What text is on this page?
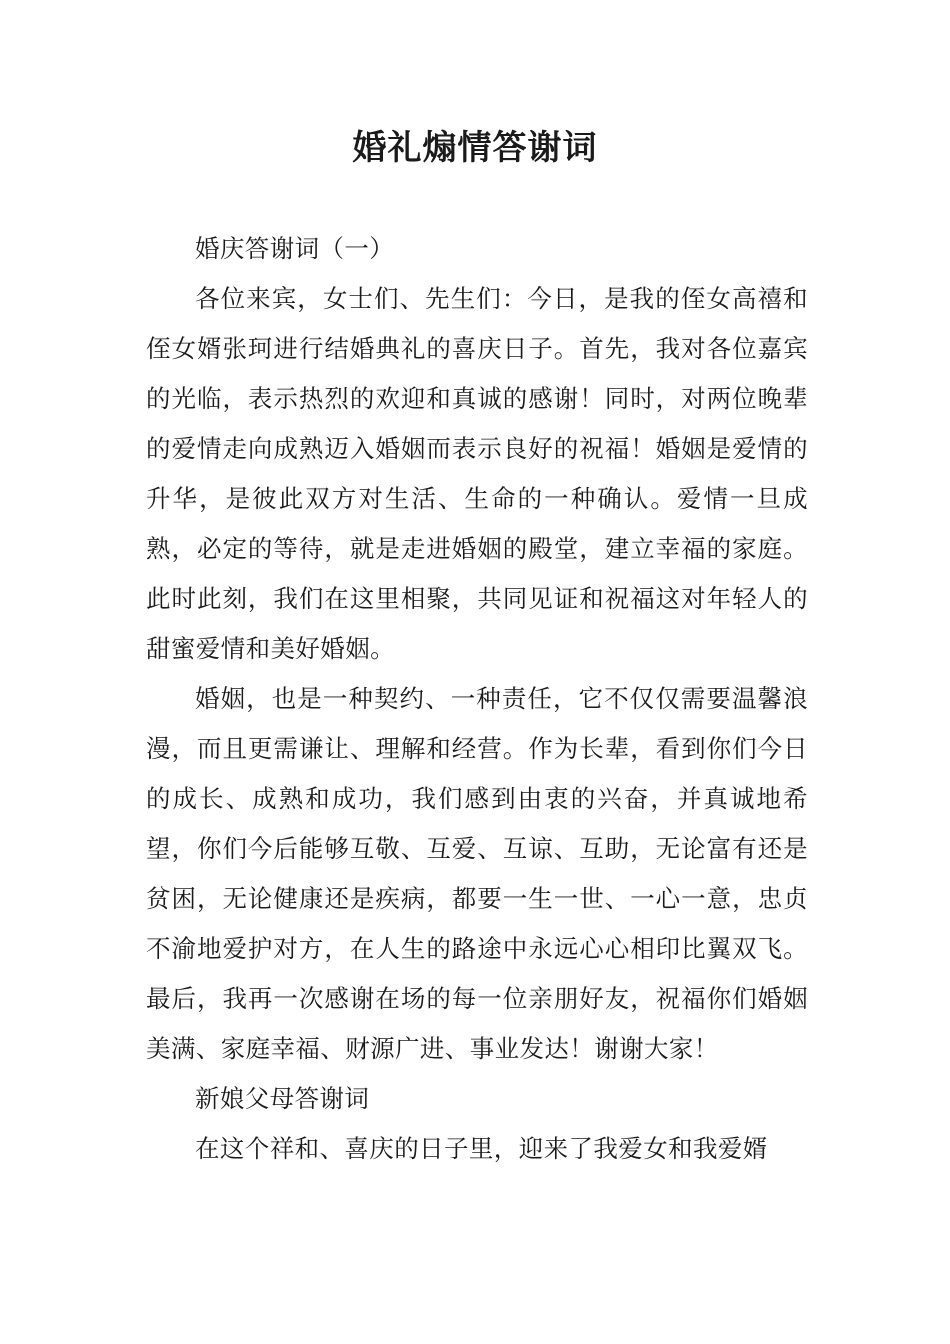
婚礼煽情答谢词

婚庆答谢词（一）

各位来宾，女士们、先生们：今日，是我的侄女高禧和侄女婿张珂进行结婚典礼的喜庆日子。首先，我对各位嘉宾的光临，表示热烈的欢迎和真诚的感谢！同时，对两位晚辈的爱情走向成熟迈入婚姻而表示良好的祝福！婚姻是爱情的升华，是彼此双方对生活、生命的一种确认。爱情一旦成熟，必定的等待，就是走进婚姻的殿堂，建立幸福的家庭。此时此刻，我们在这里相聚，共同见证和祝福这对年轻人的甜蜜爱情和美好婚姻。

婚姻，也是一种契约、一种责任，它不仅仅需要温馨浪漫，而且更需谦让、理解和经营。作为长辈，看到你们今日的成长、成熟和成功，我们感到由衷的兴奋，并真诚地希望，你们今后能够互敬、互爱、互谅、互助，无论富有还是贫困，无论健康还是疾病，都要一生一世、一心一意，忠贞不渝地爱护对方，在人生的路途中永远心心相印比翼双飞。最后，我再一次感谢在场的每一位亲朋好友，祝福你们婚姻美满、家庭幸福、财源广进、事业发达！谢谢大家！

新娘父母答谢词

在这个祥和、喜庆的日子里，迎来了我爱女和我爱婿
